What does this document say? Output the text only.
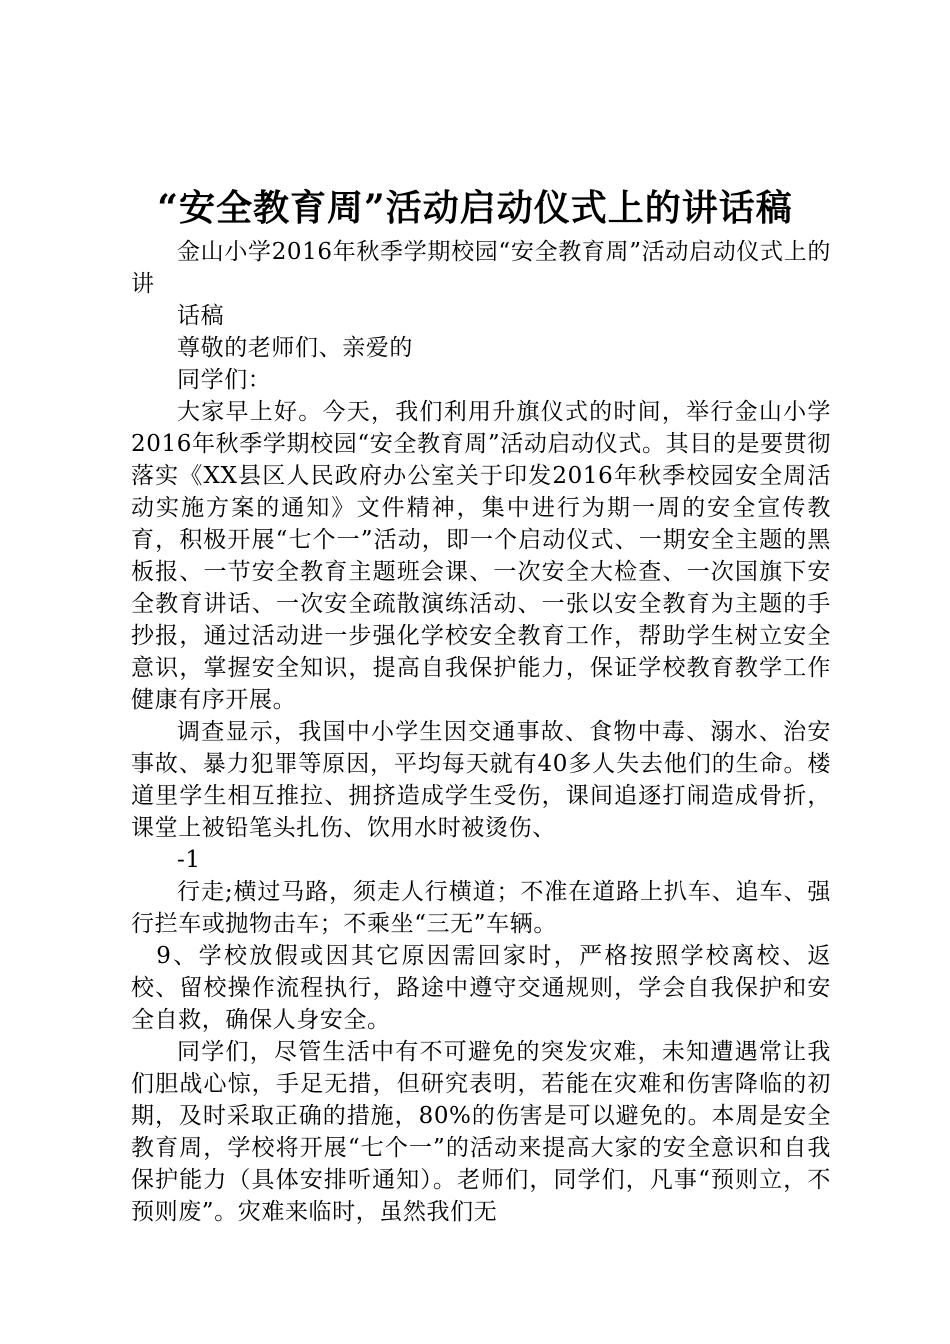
“安全教育周”活动启动仪式上的讲话稿

金山小学2016年秋季学期校园“安全教育周”活动启动仪式上的讲

话稿

尊敬的老师们、亲爱的

同学们：

大家早上好。今天，我们利用升旗仪式的时间，举行金山小学2016年秋季学期校园“安全教育周”活动启动仪式。其目的是要贯彻落实《XX县区人民政府办公室关于印发2016年秋季校园安全周活动实施方案的通知》文件精神，集中进行为期一周的安全宣传教育，积极开展“七个一”活动，即一个启动仪式、一期安全主题的黑板报、一节安全教育主题班会课、一次安全大检查、一次国旗下安全教育讲话、一次安全疏散演练活动、一张以安全教育为主题的手抄报，通过活动进一步强化学校安全教育工作，帮助学生树立安全意识，掌握安全知识，提高自我保护能力，保证学校教育教学工作健康有序开展。

调查显示，我国中小学生因交通事故、食物中毒、溺水、治安事故、暴力犯罪等原因，平均每天就有40多人失去他们的生命。楼道里学生相互推拉、拥挤造成学生受伤，课间追逐打闹造成骨折，课堂上被铅笔头扎伤、饮用水时被烫伤、

-1

行走;横过马路，须走人行横道；不准在道路上扒车、追车、强行拦车或抛物击车；不乘坐“三无”车辆。

9、学校放假或因其它原因需回家时，严格按照学校离校、返校、留校操作流程执行，路途中遵守交通规则，学会自我保护和安全自救，确保人身安全。

同学们，尽管生活中有不可避免的突发灾难，未知遭遇常让我们胆战心惊，手足无措，但研究表明，若能在灾难和伤害降临的初期，及时采取正确的措施，80%的伤害是可以避免的。本周是安全教育周，学校将开展“七个一”的活动来提高大家的安全意识和自我保护能力（具体安排听通知）。老师们，同学们，凡事“预则立，不预则废”。灾难来临时，虽然我们无
